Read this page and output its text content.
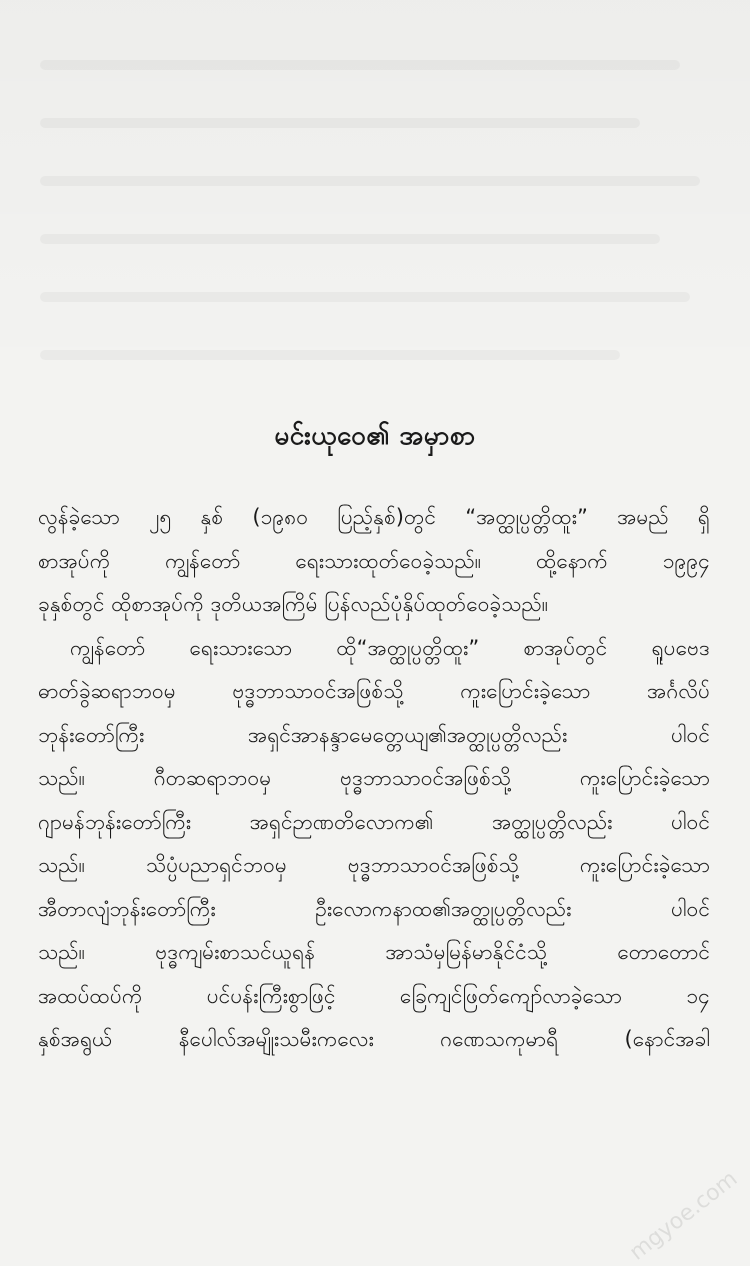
မင်းယုဝေ၏ အမှာစာ
လွန်ခဲ့သော ၂၅ နှစ် (၁၉၈၀ ပြည့်နှစ်)တွင် “အတ္ထုပ္ပတ္တိထူး” အမည် ရှိ
စာအုပ်ကို ကျွန်တော် ရေးသားထုတ်ဝေခဲ့သည်။ ထို့နောက် ၁၉၉၄
ခုနှစ်တွင် ထိုစာအုပ်ကို ဒုတိယအကြိမ် ပြန်လည်ပုံနှိပ်ထုတ်ဝေခဲ့သည်။
ကျွန်တော် ရေးသားသော ထို“အတ္ထုပ္ပတ္တိထူး” စာအုပ်တွင် ရူပဗေဒ
ဓာတ်ခွဲဆရာဘဝမှ ဗုဒ္ဓဘာသာဝင်အဖြစ်သို့ ကူးပြောင်းခဲ့သော အင်္ဂလိပ်
ဘုန်းတော်ကြီး အရှင်အာနန္ဒာမေတ္တေယျ၏အတ္ထုပ္ပတ္တိလည်း ပါဝင်
သည်။ ဂီတဆရာဘဝမှ ဗုဒ္ဓဘာသာဝင်အဖြစ်သို့ ကူးပြောင်းခဲ့သော
ဂျာမန်ဘုန်းတော်ကြီး အရှင်ဉာဏတိလောက၏ အတ္ထုပ္ပတ္တိလည်း ပါဝင်
သည်။ သိပ္ပံပညာရှင်ဘဝမှ ဗုဒ္ဓဘာသာဝင်အဖြစ်သို့ ကူးပြောင်းခဲ့သော
အီတာလျံဘုန်းတော်ကြီး ဦးလောကနာထ၏အတ္ထုပ္ပတ္တိလည်း ပါဝင်
သည်။ ဗုဒ္ဓကျမ်းစာသင်ယူရန် အာသံမှမြန်မာနိုင်ငံသို့ တောတောင်
အထပ်ထပ်ကို ပင်ပန်းကြီးစွာဖြင့် ခြေကျင်ဖြတ်ကျော်လာခဲ့သော ၁၄
နှစ်အရွယ် နီပေါလ်အမျိုးသမီးကလေး ဂဏေသကုမာရီ (နောင်အခါ
mgyoe.com
